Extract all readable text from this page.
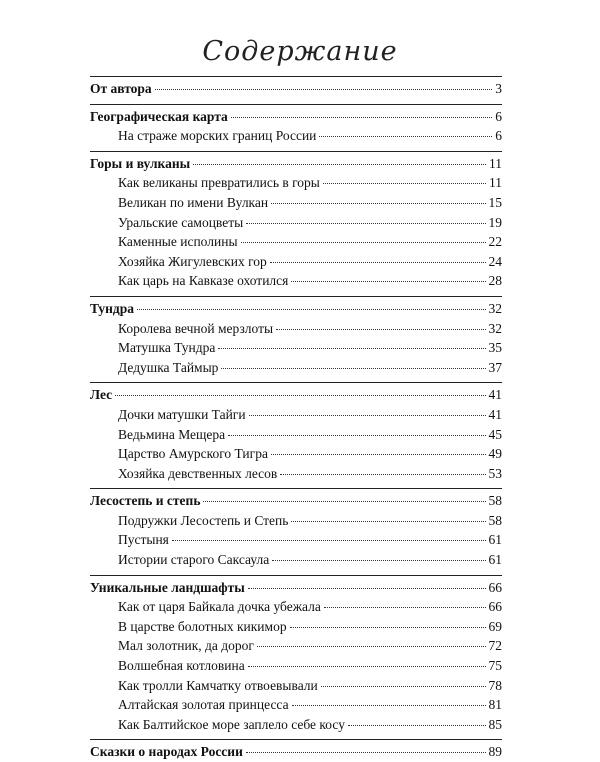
Содержание
От автора	3
Географическая карта	6
На страже морских границ России	6
Горы и вулканы	11
Как великаны превратились в горы	11
Великан по имени Вулкан	15
Уральские самоцветы	19
Каменные исполины	22
Хозяйка Жигулевских гор	24
Как царь на Кавказе охотился	28
Тундра	32
Королева вечной мерзлоты	32
Матушка Тундра	35
Дедушка Таймыр	37
Лес	41
Дочки матушки Тайги	41
Ведьмина Мещера	45
Царство Амурского Тигра	49
Хозяйка девственных лесов	53
Лесостепь и степь	58
Подружки Лесостепь и Степь	58
Пустыня	61
Истории старого Саксаула	61
Уникальные ландшафты	66
Как от царя Байкала дочка убежала	66
В царстве болотных кикимор	69
Мал золотник, да дорог	72
Волшебная котловина	75
Как тролли Камчатку отвоевывали	78
Алтайская золотая принцесса	81
Как Балтийское море заплело себе косу	85
Сказки о народах России	89
